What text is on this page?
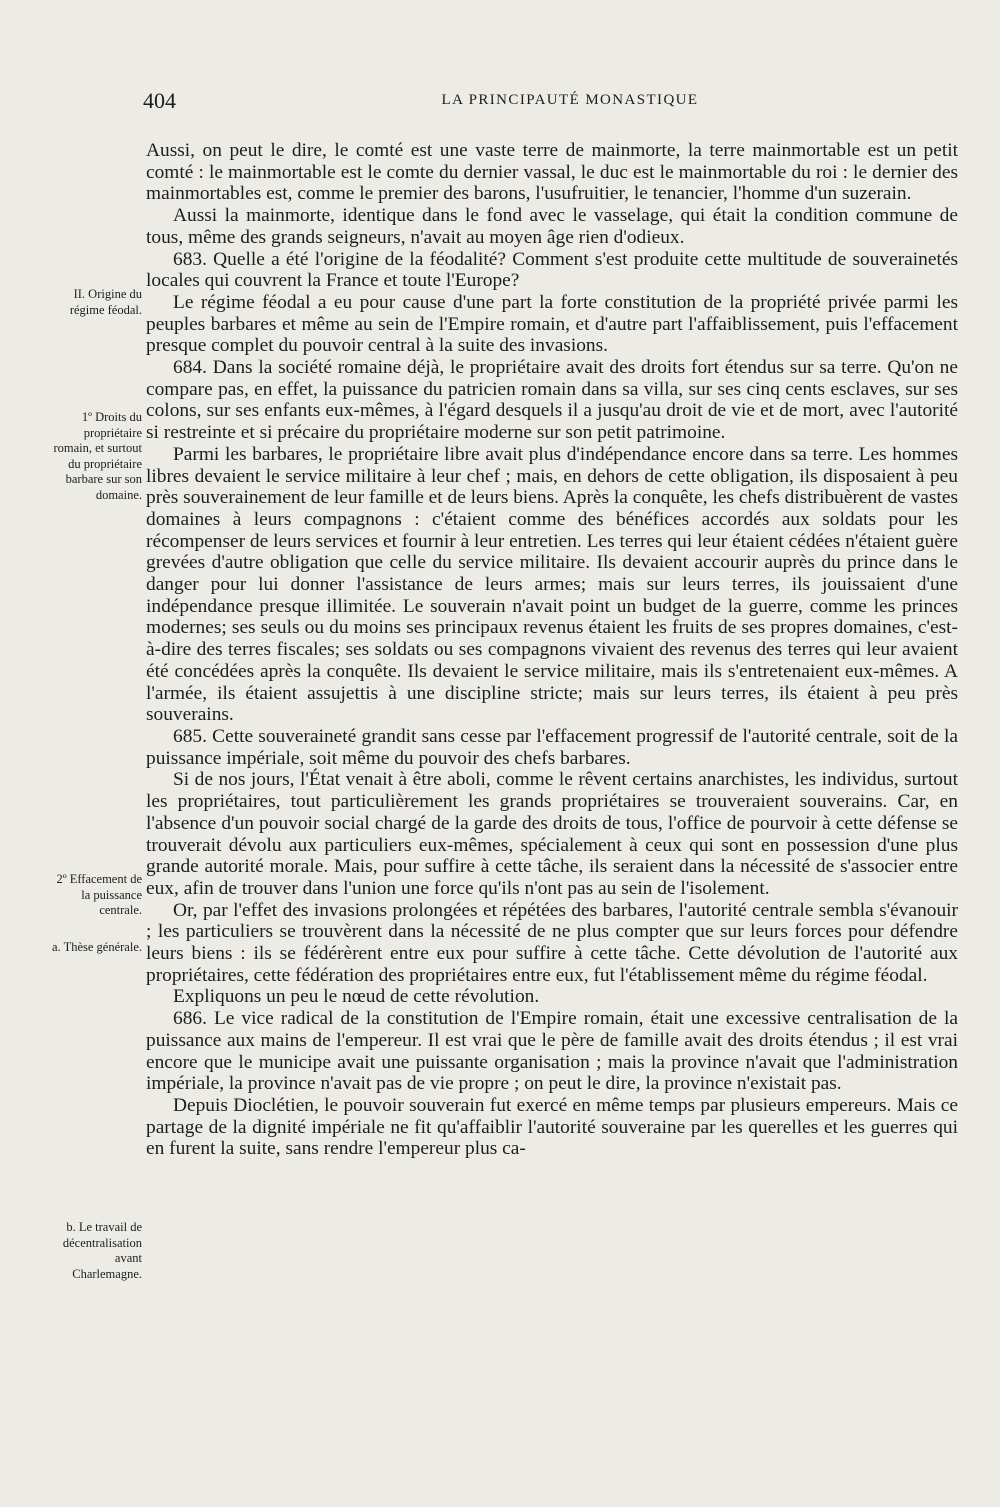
404	LA PRINCIPAUTÉ MONASTIQUE
II. Origine du régime féodal.
1º Droits du propriétaire romain, et surtout du propriétaire barbare sur son domaine.
2º Effacement de la puissance centrale.
a. Thèse générale.
b. Le travail de décentralisation avant Charlemagne.

Aussi, on peut le dire, le comté est une vaste terre de mainmorte, la terre mainmortable est un petit comté : le mainmortable est le comte du dernier vassal, le duc est le mainmortable du roi : le dernier des mainmortables est, comme le premier des barons, l'usufruitier, le tenancier, l'homme d'un suzerain.

Aussi la mainmorte, identique dans le fond avec le vasselage, qui était la condition commune de tous, même des grands seigneurs, n'avait au moyen âge rien d'odieux.

683. Quelle a été l'origine de la féodalité? Comment s'est produite cette multitude de souverainetés locales qui couvrent la France et toute l'Europe?

Le régime féodal a eu pour cause d'une part la forte constitution de la propriété privée parmi les peuples barbares et même au sein de l'Empire romain, et d'autre part l'affaiblissement, puis l'effacement presque complet du pouvoir central à la suite des invasions.

684. Dans la société romaine déjà, le propriétaire avait des droits fort étendus sur sa terre. Qu'on ne compare pas, en effet, la puissance du patricien romain dans sa villa, sur ses cinq cents esclaves, sur ses colons, sur ses enfants eux-mêmes, à l'égard desquels il a jusqu'au droit de vie et de mort, avec l'autorité si restreinte et si précaire du propriétaire moderne sur son petit patrimoine.

Parmi les barbares, le propriétaire libre avait plus d'indépendance encore dans sa terre. Les hommes libres devaient le service militaire à leur chef ; mais, en dehors de cette obligation, ils disposaient à peu près souverainement de leur famille et de leurs biens. Après la conquête, les chefs distribuèrent de vastes domaines à leurs compagnons : c'étaient comme des bénéfices accordés aux soldats pour les récompenser de leurs services et fournir à leur entretien. Les terres qui leur étaient cédées n'étaient guère grevées d'autre obligation que celle du service militaire. Ils devaient accourir auprès du prince dans le danger pour lui donner l'assistance de leurs armes; mais sur leurs terres, ils jouissaient d'une indépendance presque illimitée. Le souverain n'avait point un budget de la guerre, comme les princes modernes; ses seuls ou du moins ses principaux revenus étaient les fruits de ses propres domaines, c'est-à-dire des terres fiscales; ses soldats ou ses compagnons vivaient des revenus des terres qui leur avaient été concédées après la conquête. Ils devaient le service militaire, mais ils s'entretenaient eux-mêmes. A l'armée, ils étaient assujettis à une discipline stricte; mais sur leurs terres, ils étaient à peu près souverains.

685. Cette souveraineté grandit sans cesse par l'effacement progressif de l'autorité centrale, soit de la puissance impériale, soit même du pouvoir des chefs barbares.

Si de nos jours, l'État venait à être aboli, comme le rêvent certains anarchistes, les individus, surtout les propriétaires, tout particulièrement les grands propriétaires se trouveraient souverains. Car, en l'absence d'un pouvoir social chargé de la garde des droits de tous, l'office de pourvoir à cette défense se trouverait dévolu aux particuliers eux-mêmes, spécialement à ceux qui sont en possession d'une plus grande autorité morale. Mais, pour suffire à cette tâche, ils seraient dans la nécessité de s'associer entre eux, afin de trouver dans l'union une force qu'ils n'ont pas au sein de l'isolement.

Or, par l'effet des invasions prolongées et répétées des barbares, l'autorité centrale sembla s'évanouir ; les particuliers se trouvèrent dans la nécessité de ne plus compter que sur leurs forces pour défendre leurs biens : ils se fédérèrent entre eux pour suffire à cette tâche. Cette dévolution de l'autorité aux propriétaires, cette fédération des propriétaires entre eux, fut l'établissement même du régime féodal.

Expliquons un peu le nœud de cette révolution.

686. Le vice radical de la constitution de l'Empire romain, était une excessive centralisation de la puissance aux mains de l'empereur. Il est vrai que le père de famille avait des droits étendus ; il est vrai encore que le municipe avait une puissante organisation ; mais la province n'avait que l'administration impériale, la province n'avait pas de vie propre ; on peut le dire, la province n'existait pas.

Depuis Dioclétien, le pouvoir souverain fut exercé en même temps par plusieurs empereurs. Mais ce partage de la dignité impériale ne fit qu'affaiblir l'autorité souveraine par les querelles et les guerres qui en furent la suite, sans rendre l'empereur plus ca-
